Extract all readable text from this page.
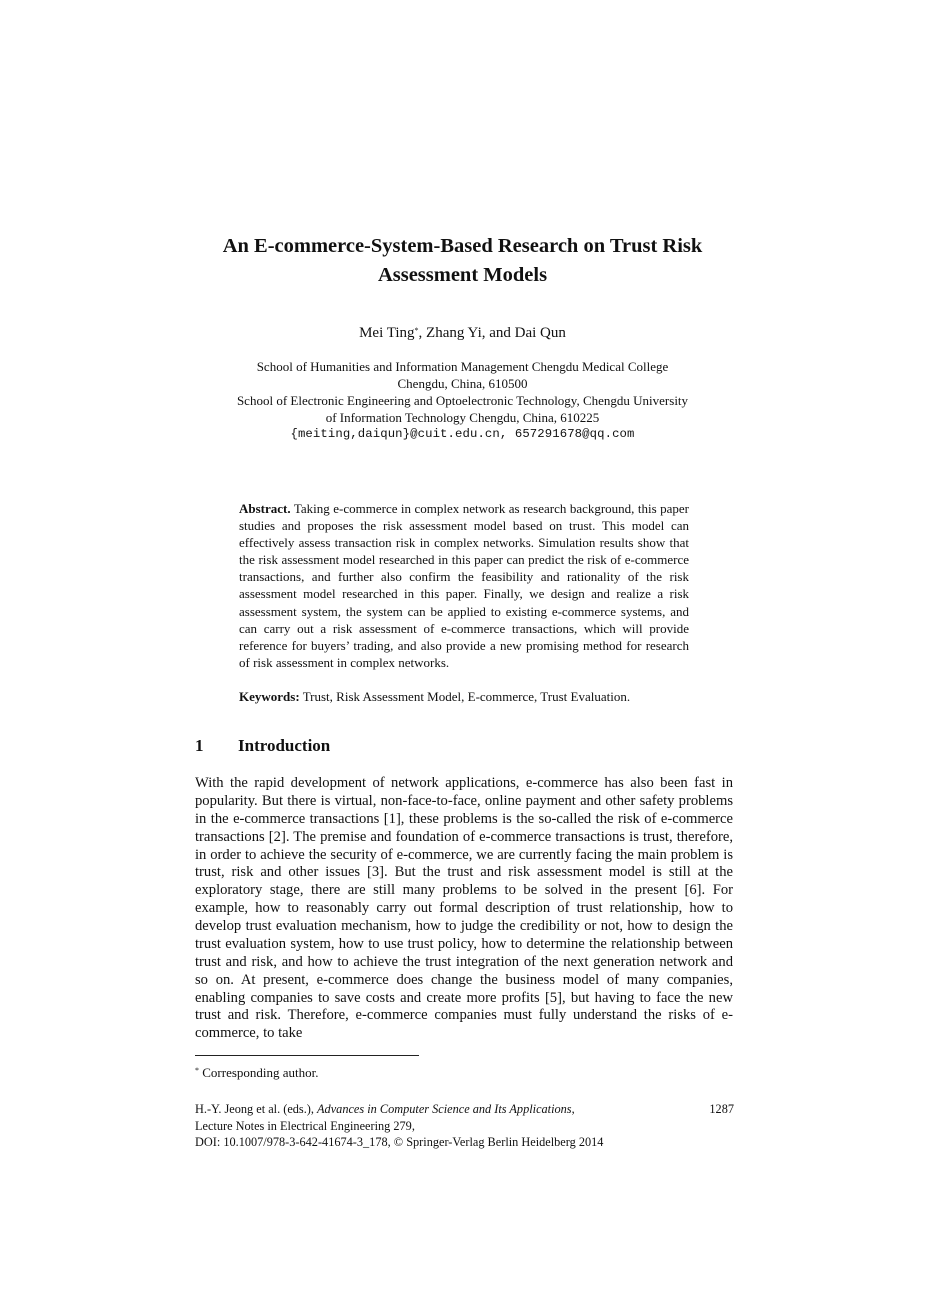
An E-commerce-System-Based Research on Trust Risk
Assessment Models
Mei Ting*, Zhang Yi, and Dai Qun
School of Humanities and Information Management Chengdu Medical College
Chengdu, China, 610500
School of Electronic Engineering and Optoelectronic Technology, Chengdu University
of Information Technology Chengdu, China, 610225
{meiting,daiqun}@cuit.edu.cn, 657291678@qq.com

Abstract. Taking e-commerce in complex network as research background, this paper studies and proposes the risk assessment model based on trust. This model can effectively assess transaction risk in complex networks. Simulation results show that the risk assessment model researched in this paper can predict the risk of e-commerce transactions, and further also confirm the feasibility and rationality of the risk assessment model researched in this paper. Finally, we design and realize a risk assessment system, the system can be applied to existing e-commerce systems, and can carry out a risk assessment of e-commerce transactions, which will provide reference for buyers’ trading, and also provide a new promising method for research of risk assessment in complex networks.

Keywords: Trust, Risk Assessment Model, E-commerce, Trust Evaluation.
1 Introduction

With the rapid development of network applications, e-commerce has also been fast in popularity. But there is virtual, non-face-to-face, online payment and other safety problems in the e-commerce transactions [1], these problems is the so-called the risk of e-commerce transactions [2]. The premise and foundation of e-commerce transactions is trust, therefore, in order to achieve the security of e-commerce, we are currently facing the main problem is trust, risk and other issues [3]. But the trust and risk assessment model is still at the exploratory stage, there are still many problems to be solved in the present [6]. For example, how to reasonably carry out formal description of trust relationship, how to develop trust evaluation mechanism, how to judge the credibility or not, how to design the trust evaluation system, how to use trust policy, how to determine the relationship between trust and risk, and how to achieve the trust integration of the next generation network and so on. At present, e-commerce does change the business model of many companies, enabling companies to save costs and create more profits [5], but having to face the new trust and risk. Therefore, e-commerce companies must fully understand the risks of e-commerce, to take

* Corresponding author.
H.-Y. Jeong et al. (eds.), Advances in Computer Science and Its Applications,
Lecture Notes in Electrical Engineering 279,
DOI: 10.1007/978-3-642-41674-3_178, © Springer-Verlag Berlin Heidelberg 2014
1287
